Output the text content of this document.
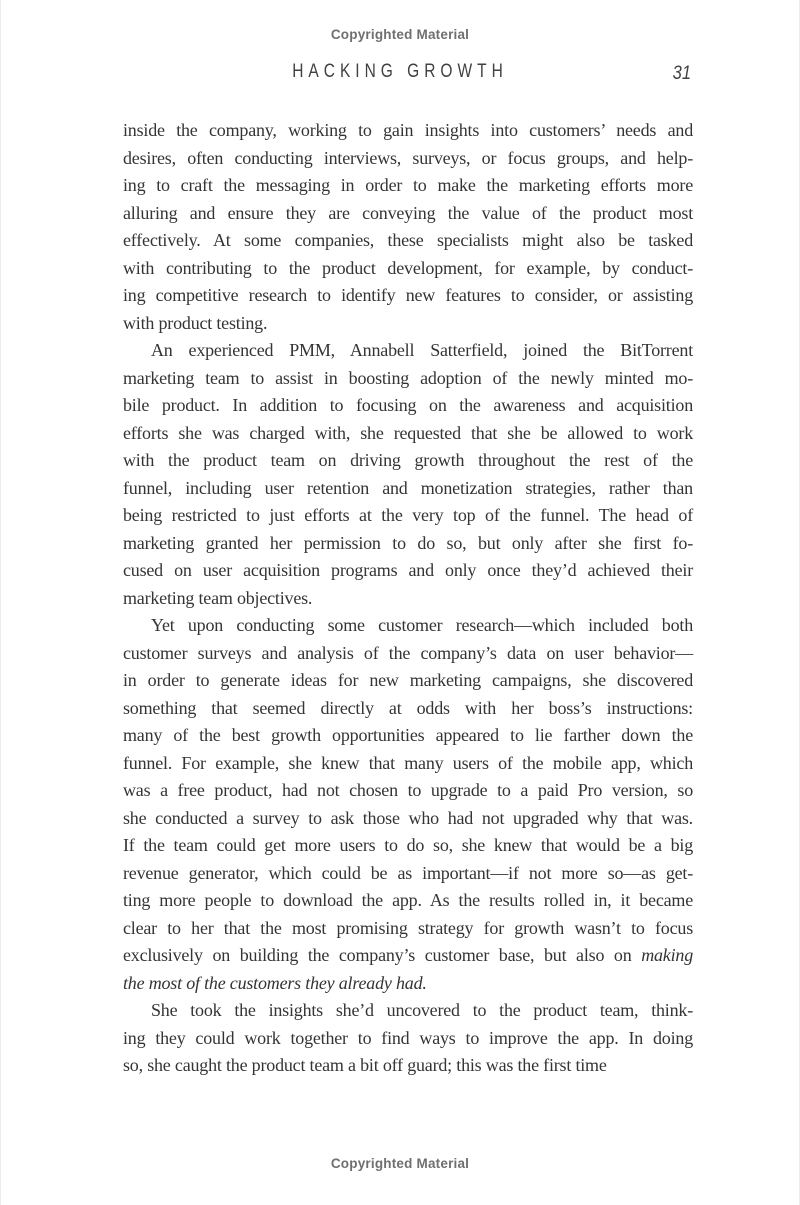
Copyrighted Material
HACKING GROWTH	31
inside the company, working to gain insights into customers’ needs and
desires, often conducting interviews, surveys, or focus groups, and help-
ing to craft the messaging in order to make the marketing efforts more
alluring and ensure they are conveying the value of the product most
effectively. At some companies, these specialists might also be tasked
with contributing to the product development, for example, by conduct-
ing competitive research to identify new features to consider, or assisting
with product testing.
An experienced PMM, Annabell Satterfield, joined the BitTorrent
marketing team to assist in boosting adoption of the newly minted mo-
bile product. In addition to focusing on the awareness and acquisition
efforts she was charged with, she requested that she be allowed to work
with the product team on driving growth throughout the rest of the
funnel, including user retention and monetization strategies, rather than
being restricted to just efforts at the very top of the funnel. The head of
marketing granted her permission to do so, but only after she first fo-
cused on user acquisition programs and only once they’d achieved their
marketing team objectives.
Yet upon conducting some customer research—which included both
customer surveys and analysis of the company’s data on user behavior—
in order to generate ideas for new marketing campaigns, she discovered
something that seemed directly at odds with her boss’s instructions:
many of the best growth opportunities appeared to lie farther down the
funnel. For example, she knew that many users of the mobile app, which
was a free product, had not chosen to upgrade to a paid Pro version, so
she conducted a survey to ask those who had not upgraded why that was.
If the team could get more users to do so, she knew that would be a big
revenue generator, which could be as important—if not more so—as get-
ting more people to download the app. As the results rolled in, it became
clear to her that the most promising strategy for growth wasn’t to focus
exclusively on building the company’s customer base, but also on making
the most of the customers they already had.
She took the insights she’d uncovered to the product team, think-
ing they could work together to find ways to improve the app. In doing
so, she caught the product team a bit off guard; this was the first time
Copyrighted Material
